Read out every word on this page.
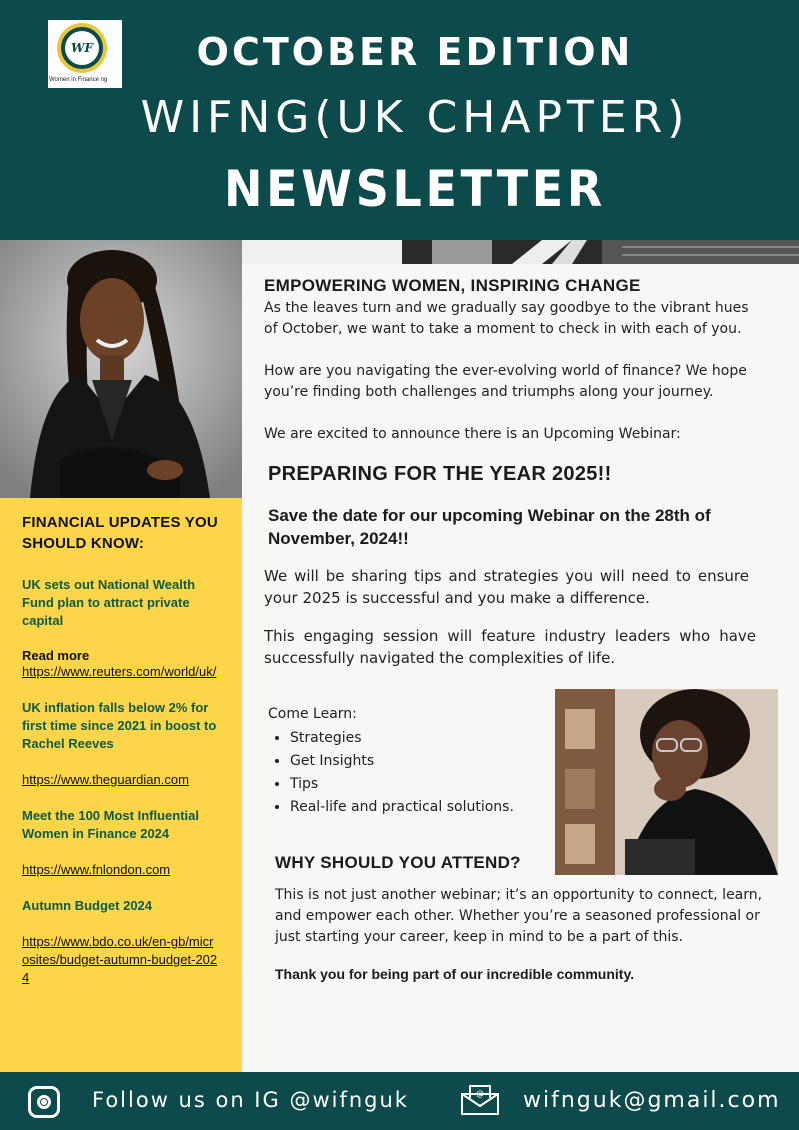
WF
Women in Finance ng
OCTOBER EDITION
WIFNG(UK CHAPTER)
NEWSLETTER
FINANCIAL UPDATES YOU SHOULD KNOW:
UK sets out National Wealth Fund plan to attract private capital
Read more
https://www.reuters.com/world/uk/
UK inflation falls below 2% for first time since 2021 in boost to Rachel Reeves
https://www.theguardian.com
Meet the 100 Most Influential Women in Finance 2024
https://www.fnlondon.com
Autumn Budget 2024
https://www.bdo.co.uk/en-gb/microsites/budget-autumn-budget-2024
EMPOWERING WOMEN, INSPIRING CHANGE

As the leaves turn and we gradually say goodbye to the vibrant hues of October, we want to take a moment to check in with each of you.

How are you navigating the ever-evolving world of finance? We hope you’re finding both challenges and triumphs along your journey.

We are excited to announce there is an Upcoming Webinar:

PREPARING FOR THE YEAR 2025!!
Save the date for our upcoming Webinar on the 28th of November, 2024!!

We will be sharing tips and strategies you will need to ensure your 2025 is successful and you make a difference.

This engaging session will feature industry leaders who have successfully navigated the complexities of life.

Come Learn:
• Strategies
• Get Insights
• Tips
• Real-life and practical solutions.
WHY SHOULD YOU ATTEND?

This is not just another webinar; it’s an opportunity to connect, learn, and empower each other. Whether you’re a seasoned professional or just starting your career, keep in mind to be a part of this.

Thank you for being part of our incredible community.

Follow us on IG @wifnguk	@ wifnguk@gmail.com
